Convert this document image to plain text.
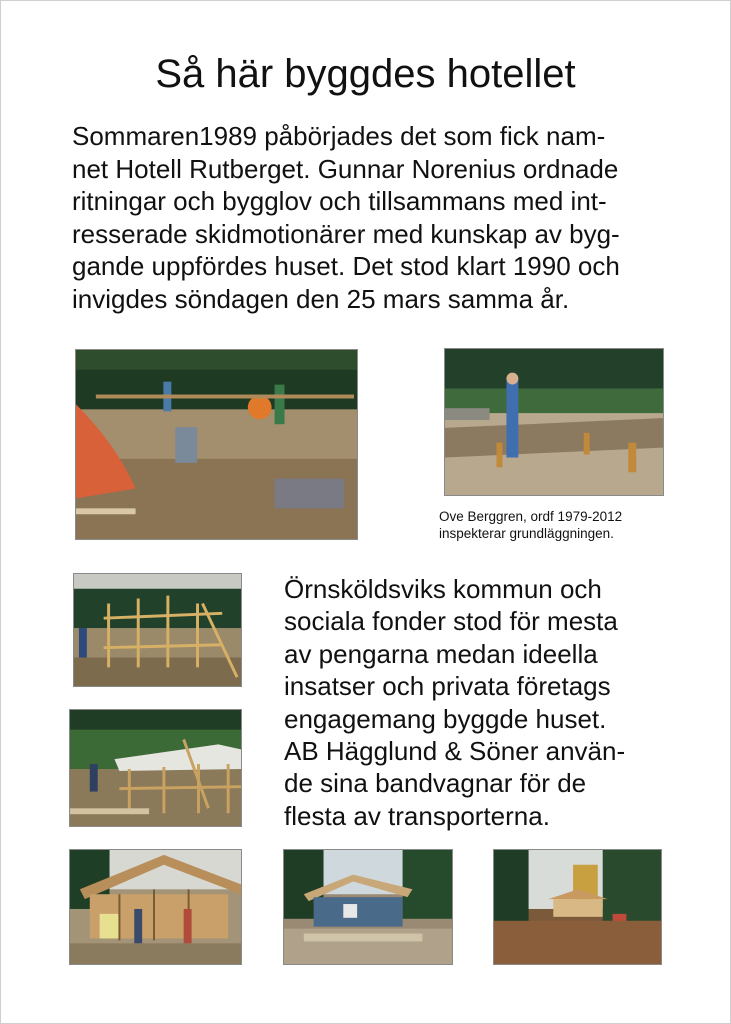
Så här byggdes hotellet

Sommaren1989 påbörjades det som fick nam-

net Hotell Rutberget. Gunnar Norenius ordnade

ritningar och bygglov och tillsammans med int-

resserade skidmotionärer med kunskap av byg-

gande uppfördes huset. Det stod klart 1990 och

invigdes söndagen den 25 mars samma år.

Ove Berggren, ordf 1979-2012

inspekterar grundläggningen.

Örnsköldsviks kommun och

sociala fonder stod för mesta

av pengarna medan ideella

insatser och privata företags

engagemang byggde huset.

AB Hägglund & Söner använ-

de sina bandvagnar för de

flesta av transporterna.
